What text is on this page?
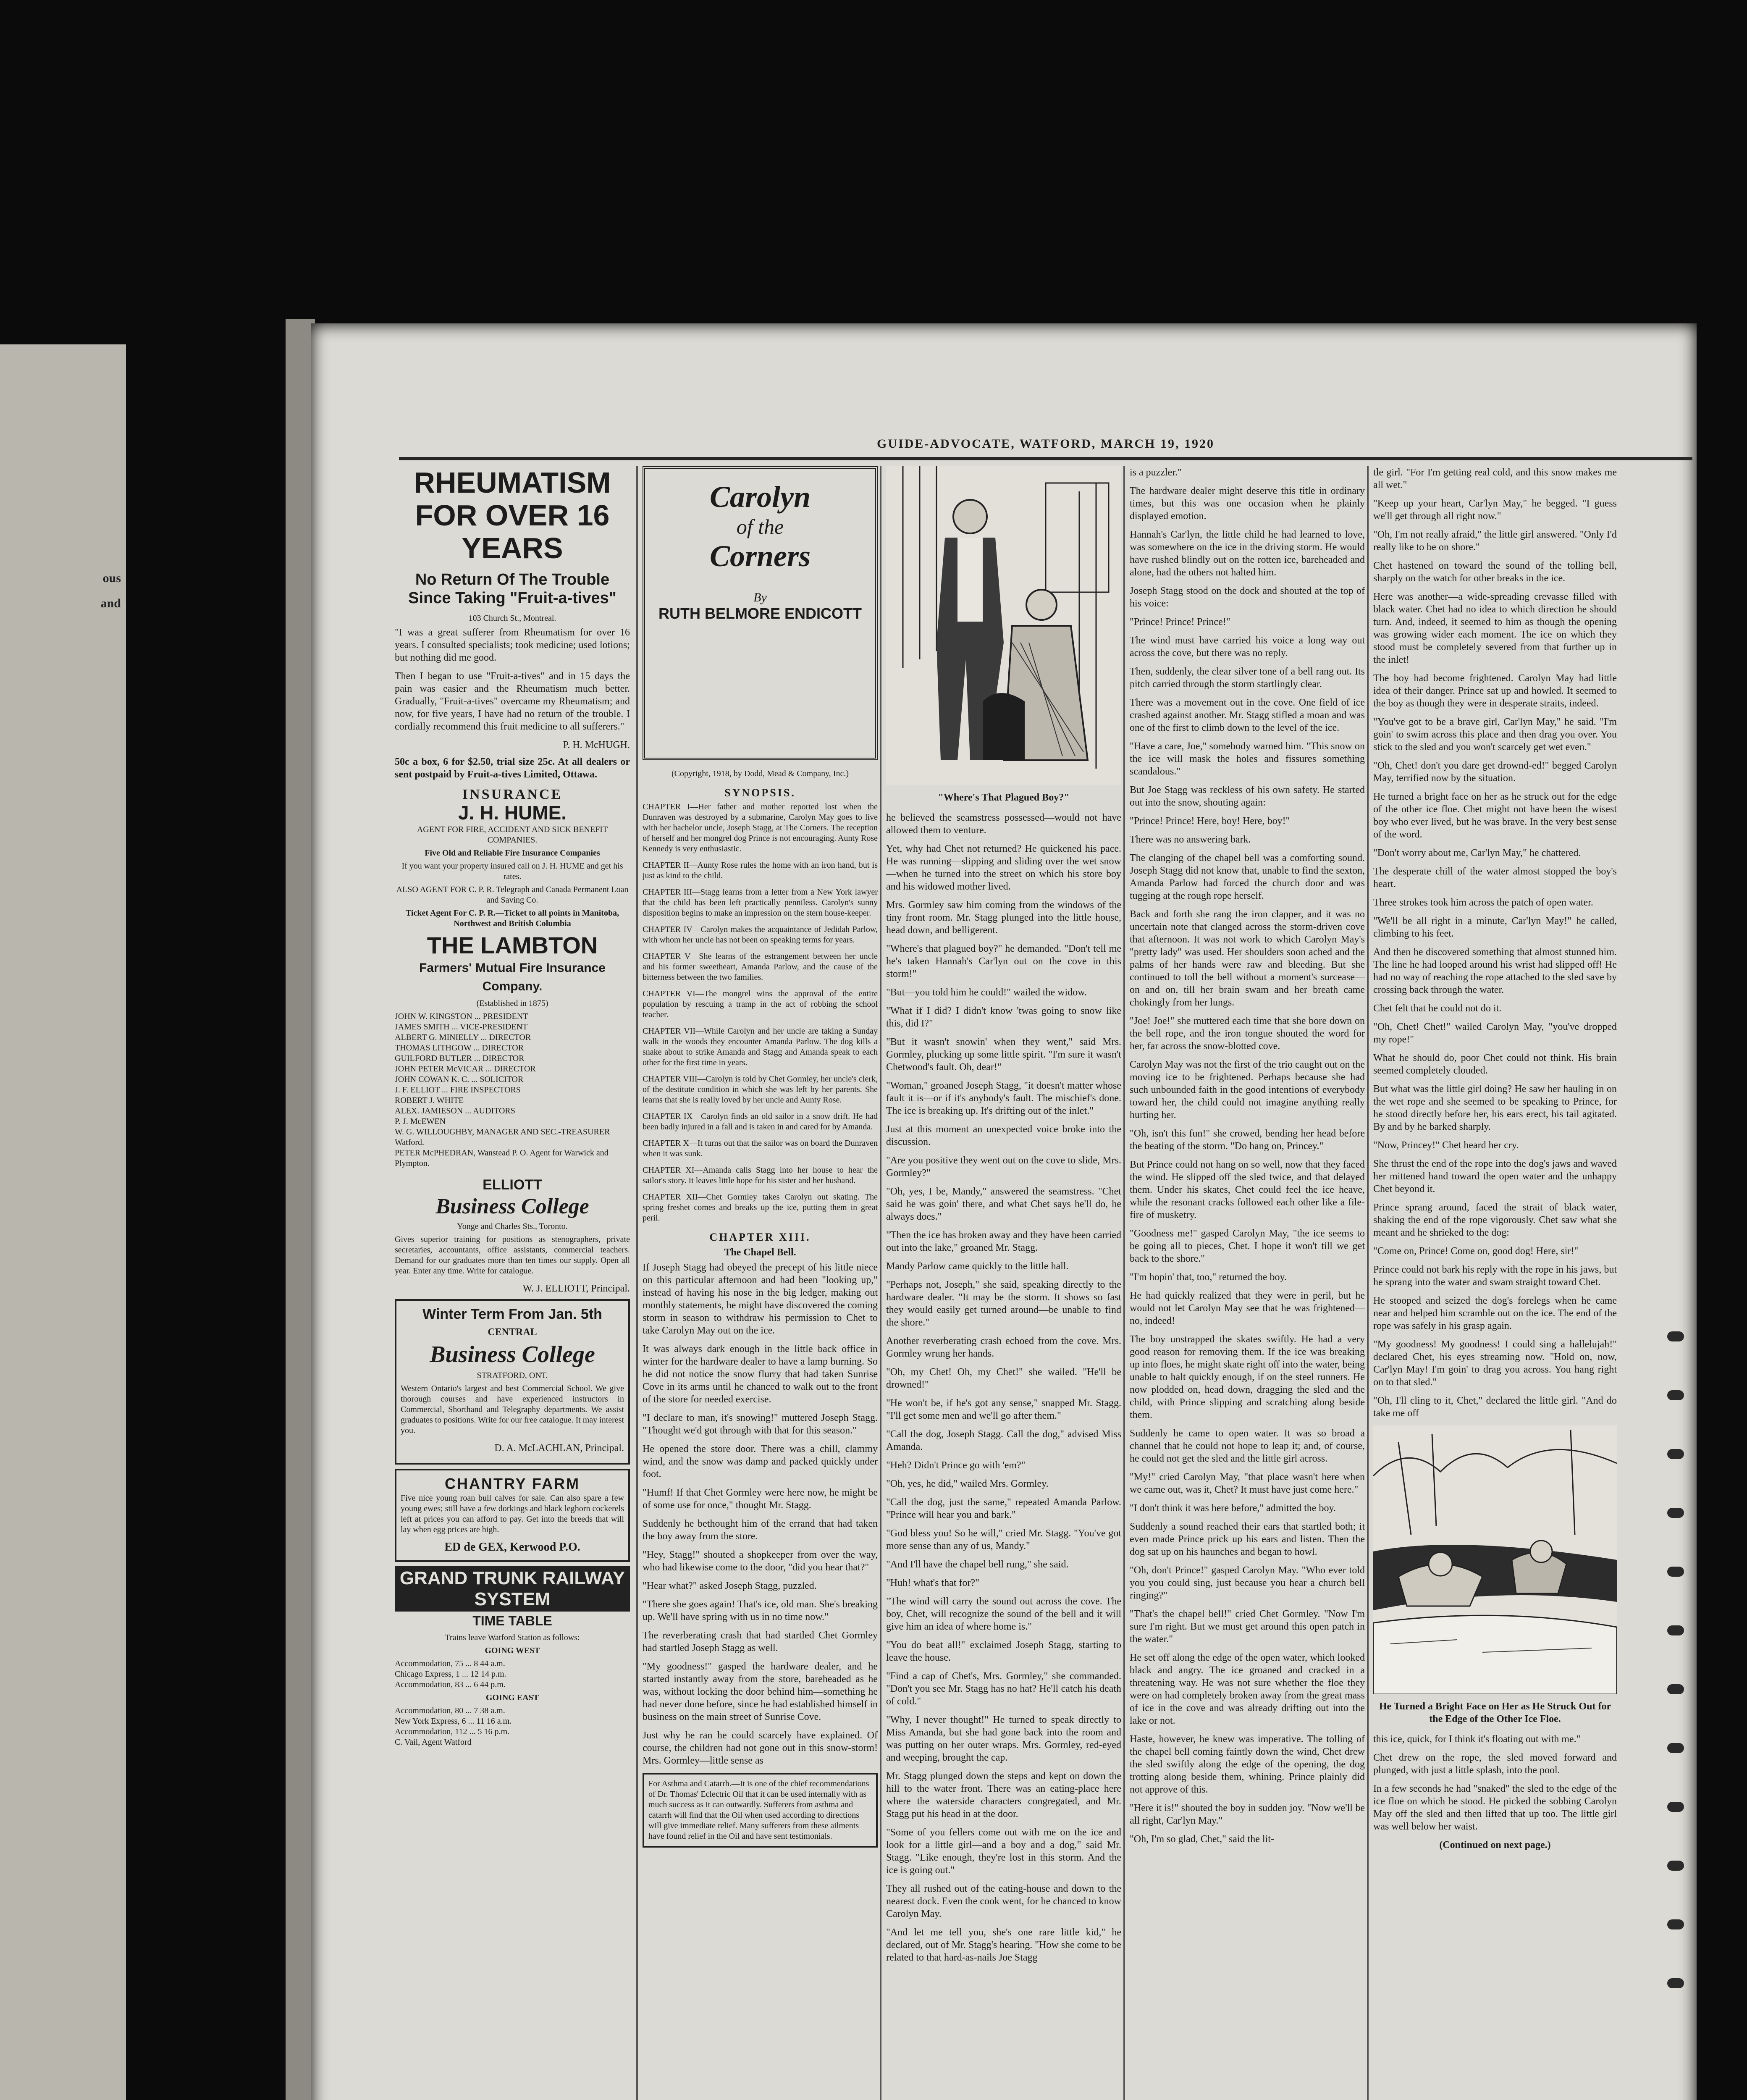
ous
and
GUIDE-ADVOCATE, WATFORD, MARCH 19, 1920
RHEUMATISM FOR OVER 16 YEARS
No Return Of The Trouble Since Taking "Fruit-a-tives"
103 Church St., Montreal.

"I was a great sufferer from Rheumatism for over 16 years. I consulted specialists; took medicine; used lotions; but nothing did me good.

Then I began to use "Fruit-a-tives" and in 15 days the pain was easier and the Rheumatism much better. Gradually, "Fruit-a-tives" overcame my Rheumatism; and now, for five years, I have had no return of the trouble. I cordially recommend this fruit medicine to all sufferers."

P. H. McHUGH.

50c a box, 6 for $2.50, trial size 25c. At all dealers or sent postpaid by Fruit-a-tives Limited, Ottawa.

INSURANCE
J. H. HUME.

AGENT FOR FIRE, ACCIDENT AND SICK BENEFIT COMPANIES.

Five Old and Reliable Fire Insurance Companies

If you want your property insured call on J. H. HUME and get his rates.

ALSO AGENT FOR C. P. R. Telegraph and Canada Permanent Loan and Saving Co.

Ticket Agent For C. P. R.—Ticket to all points in Manitoba, Northwest and British Columbia

THE LAMBTON
Farmers' Mutual Fire Insurance Company.
(Established in 1875)
JOHN W. KINGSTON ... PRESIDENT
JAMES SMITH ... VICE-PRESIDENT
ALBERT G. MINIELLY ... DIRECTOR
THOMAS LITHGOW ... DIRECTOR
GUILFORD BUTLER ... DIRECTOR
JOHN PETER McVICAR ... DIRECTOR
JOHN COWAN K. C. ... SOLICITOR
J. F. ELLIOT ... FIRE INSPECTORS
ROBERT J. WHITE
ALEX. JAMIESON ... AUDITORS
P. J. McEWEN
W. G. WILLOUGHBY, MANAGER AND SEC.-TREASURER Watford.
PETER McPHEDRAN, Wanstead P. O. Agent for Warwick and Plympton.
ELLIOTT
Business College
Yonge and Charles Sts., Toronto.

Gives superior training for positions as stenographers, private secretaries, accountants, office assistants, commercial teachers. Demand for our graduates more than ten times our supply. Open all year. Enter any time. Write for catalogue.

W. J. ELLIOTT, Principal.

Winter Term From Jan. 5th
CENTRAL
Business College
STRATFORD, ONT.

Western Ontario's largest and best Commercial School. We give thorough courses and have experienced instructors in Commercial, Shorthand and Telegraphy departments. We assist graduates to positions. Write for our free catalogue. It may interest you.

D. A. McLACHLAN, Principal.

CHANTRY FARM

Five nice young roan bull calves for sale. Can also spare a few young ewes; still have a few dorkings and black leghorn cockerels left at prices you can afford to pay. Get into the breeds that will lay when egg prices are high.

ED de GEX, Kerwood P.O.

GRAND TRUNK RAILWAY SYSTEM
TIME TABLE
Trains leave Watford Station as follows:
GOING WEST
Accommodation, 75 ... 8 44 a.m.
Chicago Express, 1 ... 12 14 p.m.
Accommodation, 83 ... 6 44 p.m.
GOING EAST
Accommodation, 80 ... 7 38 a.m.
New York Express, 6 ... 11 16 a.m.
Accommodation, 112 ... 5 16 p.m.
C. Vail, Agent Watford
Carolyn
of the
Corners
By
RUTH BELMORE ENDICOTT
(Copyright, 1918, by Dodd, Mead & Company, Inc.)
SYNOPSIS.

CHAPTER I—Her father and mother reported lost when the Dunraven was destroyed by a submarine, Carolyn May goes to live with her bachelor uncle, Joseph Stagg, at The Corners. The reception of herself and her mongrel dog Prince is not encouraging. Aunty Rose Kennedy is very enthusiastic.

CHAPTER II—Aunty Rose rules the home with an iron hand, but is just as kind to the child.

CHAPTER III—Stagg learns from a letter from a New York lawyer that the child has been left practically penniless. Carolyn's sunny disposition begins to make an impression on the stern house-keeper.

CHAPTER IV—Carolyn makes the acquaintance of Jedidah Parlow, with whom her uncle has not been on speaking terms for years.

CHAPTER V—She learns of the estrangement between her uncle and his former sweetheart, Amanda Parlow, and the cause of the bitterness between the two families.

CHAPTER VI—The mongrel wins the approval of the entire population by rescuing a tramp in the act of robbing the school teacher.

CHAPTER VII—While Carolyn and her uncle are taking a Sunday walk in the woods they encounter Amanda Parlow. The dog kills a snake about to strike Amanda and Stagg and Amanda speak to each other for the first time in years.

CHAPTER VIII—Carolyn is told by Chet Gormley, her uncle's clerk, of the destitute condition in which she was left by her parents. She learns that she is really loved by her uncle and Aunty Rose.

CHAPTER IX—Carolyn finds an old sailor in a snow drift. He had been badly injured in a fall and is taken in and cared for by Amanda.

CHAPTER X—It turns out that the sailor was on board the Dunraven when it was sunk.

CHAPTER XI—Amanda calls Stagg into her house to hear the sailor's story. It leaves little hope for his sister and her husband.

CHAPTER XII—Chet Gormley takes Carolyn out skating. The spring freshet comes and breaks up the ice, putting them in great peril.

CHAPTER XIII.
The Chapel Bell.

If Joseph Stagg had obeyed the precept of his little niece on this particular afternoon and had been "looking up," instead of having his nose in the big ledger, making out monthly statements, he might have discovered the coming storm in season to withdraw his permission to Chet to take Carolyn May out on the ice.

It was always dark enough in the little back office in winter for the hardware dealer to have a lamp burning. So he did not notice the snow flurry that had taken Sunrise Cove in its arms until he chanced to walk out to the front of the store for needed exercise.

"I declare to man, it's snowing!" muttered Joseph Stagg. "Thought we'd got through with that for this season."

He opened the store door. There was a chill, clammy wind, and the snow was damp and packed quickly under foot.

"Humf! If that Chet Gormley were here now, he might be of some use for once," thought Mr. Stagg.

Suddenly he bethought him of the errand that had taken the boy away from the store.

"Hey, Stagg!" shouted a shopkeeper from over the way, who had likewise come to the door, "did you hear that?"

"Hear what?" asked Joseph Stagg, puzzled.

"There she goes again! That's ice, old man. She's breaking up. We'll have spring with us in no time now."

The reverberating crash that had startled Chet Gormley had startled Joseph Stagg as well.

"My goodness!" gasped the hardware dealer, and he started instantly away from the store, bareheaded as he was, without locking the door behind him—something he had never done before, since he had established himself in business on the main street of Sunrise Cove.

Just why he ran he could scarcely have explained. Of course, the children had not gone out in this snow-storm! Mrs. Gormley—little sense as

For Asthma and Catarrh.—It is one of the chief recommendations of Dr. Thomas' Eclectric Oil that it can be used internally with as much success as it can outwardly. Sufferers from asthma and catarrh will find that the Oil when used according to directions will give immediate relief. Many sufferers from these ailments have found relief in the Oil and have sent testimonials.
"Where's That Plagued Boy?"

he believed the seamstress possessed—would not have allowed them to venture.

Yet, why had Chet not returned? He quickened his pace. He was running—slipping and sliding over the wet snow—when he turned into the street on which his store boy and his widowed mother lived.

Mrs. Gormley saw him coming from the windows of the tiny front room. Mr. Stagg plunged into the little house, head down, and belligerent.

"Where's that plagued boy?" he demanded. "Don't tell me he's taken Hannah's Car'lyn out on the cove in this storm!"

"But—you told him he could!" wailed the widow.

"What if I did? I didn't know 'twas going to snow like this, did I?"

"But it wasn't snowin' when they went," said Mrs. Gormley, plucking up some little spirit. "I'm sure it wasn't Chetwood's fault. Oh, dear!"

"Woman," groaned Joseph Stagg, "it doesn't matter whose fault it is—or if it's anybody's fault. The mischief's done. The ice is breaking up. It's drifting out of the inlet."

Just at this moment an unexpected voice broke into the discussion.

"Are you positive they went out on the cove to slide, Mrs. Gormley?"

"Oh, yes, I be, Mandy," answered the seamstress. "Chet said he was goin' there, and what Chet says he'll do, he always does."

"Then the ice has broken away and they have been carried out into the lake," groaned Mr. Stagg.

Mandy Parlow came quickly to the little hall.

"Perhaps not, Joseph," she said, speaking directly to the hardware dealer. "It may be the storm. It shows so fast they would easily get turned around—be unable to find the shore."

Another reverberating crash echoed from the cove. Mrs. Gormley wrung her hands.

"Oh, my Chet! Oh, my Chet!" she wailed. "He'll be drowned!"

"He won't be, if he's got any sense," snapped Mr. Stagg. "I'll get some men and we'll go after them."

"Call the dog, Joseph Stagg. Call the dog," advised Miss Amanda.

"Heh? Didn't Prince go with 'em?"

"Oh, yes, he did," wailed Mrs. Gormley.

"Call the dog, just the same," repeated Amanda Parlow. "Prince will hear you and bark."

"God bless you! So he will," cried Mr. Stagg. "You've got more sense than any of us, Mandy."

"And I'll have the chapel bell rung," she said.

"Huh! what's that for?"

"The wind will carry the sound out across the cove. The boy, Chet, will recognize the sound of the bell and it will give him an idea of where home is."

"You do beat all!" exclaimed Joseph Stagg, starting to leave the house.

"Find a cap of Chet's, Mrs. Gormley," she commanded. "Don't you see Mr. Stagg has no hat? He'll catch his death of cold."

"Why, I never thought!" He turned to speak directly to Miss Amanda, but she had gone back into the room and was putting on her outer wraps. Mrs. Gormley, red-eyed and weeping, brought the cap.

Mr. Stagg plunged down the steps and kept on down the hill to the water front. There was an eating-place here where the waterside characters congregated, and Mr. Stagg put his head in at the door.

"Some of you fellers come out with me on the ice and look for a little girl—and a boy and a dog," said Mr. Stagg. "Like enough, they're lost in this storm. And the ice is going out."

They all rushed out of the eating-house and down to the nearest dock. Even the cook went, for he chanced to know Carolyn May.

"And let me tell you, she's one rare little kid," he declared, out of Mr. Stagg's hearing. "How she come to be related to that hard-as-nails Joe Stagg

is a puzzler."

The hardware dealer might deserve this title in ordinary times, but this was one occasion when he plainly displayed emotion.

Hannah's Car'lyn, the little child he had learned to love, was somewhere on the ice in the driving storm. He would have rushed blindly out on the rotten ice, bareheaded and alone, had the others not halted him.

Joseph Stagg stood on the dock and shouted at the top of his voice:

"Prince! Prince! Prince!"

The wind must have carried his voice a long way out across the cove, but there was no reply.

Then, suddenly, the clear silver tone of a bell rang out. Its pitch carried through the storm startlingly clear.

There was a movement out in the cove. One field of ice crashed against another. Mr. Stagg stifled a moan and was one of the first to climb down to the level of the ice.

"Have a care, Joe," somebody warned him. "This snow on the ice will mask the holes and fissures something scandalous."

But Joe Stagg was reckless of his own safety. He started out into the snow, shouting again:

"Prince! Prince! Here, boy! Here, boy!"

There was no answering bark.

The clanging of the chapel bell was a comforting sound. Joseph Stagg did not know that, unable to find the sexton, Amanda Parlow had forced the church door and was tugging at the rough rope herself.

Back and forth she rang the iron clapper, and it was no uncertain note that clanged across the storm-driven cove that afternoon. It was not work to which Carolyn May's "pretty lady" was used. Her shoulders soon ached and the palms of her hands were raw and bleeding. But she continued to toll the bell without a moment's surcease—on and on, till her brain swam and her breath came chokingly from her lungs.

"Joe! Joe!" she muttered each time that she bore down on the bell rope, and the iron tongue shouted the word for her, far across the snow-blotted cove.

Carolyn May was not the first of the trio caught out on the moving ice to be frightened. Perhaps because she had such unbounded faith in the good intentions of everybody toward her, the child could not imagine anything really hurting her.

"Oh, isn't this fun!" she crowed, bending her head before the beating of the storm. "Do hang on, Princey."

But Prince could not hang on so well, now that they faced the wind. He slipped off the sled twice, and that delayed them. Under his skates, Chet could feel the ice heave, while the resonant cracks followed each other like a file-fire of musketry.

"Goodness me!" gasped Carolyn May, "the ice seems to be going all to pieces, Chet. I hope it won't till we get back to the shore."

"I'm hopin' that, too," returned the boy.

He had quickly realized that they were in peril, but he would not let Carolyn May see that he was frightened—no, indeed!

The boy unstrapped the skates swiftly. He had a very good reason for removing them. If the ice was breaking up into floes, he might skate right off into the water, being unable to halt quickly enough, if on the steel runners. He now plodded on, head down, dragging the sled and the child, with Prince slipping and scratching along beside them.

Suddenly he came to open water. It was so broad a channel that he could not hope to leap it; and, of course, he could not get the sled and the little girl across.

"My!" cried Carolyn May, "that place wasn't here when we came out, was it, Chet? It must have just come here."

"I don't think it was here before," admitted the boy.

Suddenly a sound reached their ears that startled both; it even made Prince prick up his ears and listen. Then the dog sat up on his haunches and began to howl.

"Oh, don't Prince!" gasped Carolyn May. "Who ever told you you could sing, just because you hear a church bell ringing?"

"That's the chapel bell!" cried Chet Gormley. "Now I'm sure I'm right. But we must get around this open patch in the water."

He set off along the edge of the open water, which looked black and angry. The ice groaned and cracked in a threatening way. He was not sure whether the floe they were on had completely broken away from the great mass of ice in the cove and was already drifting out into the lake or not.

Haste, however, he knew was imperative. The tolling of the chapel bell coming faintly down the wind, Chet drew the sled swiftly along the edge of the opening, the dog trotting along beside them, whining. Prince plainly did not approve of this.

"Here it is!" shouted the boy in sudden joy. "Now we'll be all right, Car'lyn May."

"Oh, I'm so glad, Chet," said the lit-

tle girl. "For I'm getting real cold, and this snow makes me all wet."

"Keep up your heart, Car'lyn May," he begged. "I guess we'll get through all right now."

"Oh, I'm not really afraid," the little girl answered. "Only I'd really like to be on shore."

Chet hastened on toward the sound of the tolling bell, sharply on the watch for other breaks in the ice.

Here was another—a wide-spreading crevasse filled with black water. Chet had no idea to which direction he should turn. And, indeed, it seemed to him as though the opening was growing wider each moment. The ice on which they stood must be completely severed from that further up in the inlet!

The boy had become frightened. Carolyn May had little idea of their danger. Prince sat up and howled. It seemed to the boy as though they were in desperate straits, indeed.

"You've got to be a brave girl, Car'lyn May," he said. "I'm goin' to swim across this place and then drag you over. You stick to the sled and you won't scarcely get wet even."

"Oh, Chet! don't you dare get drownd-ed!" begged Carolyn May, terrified now by the situation.

He turned a bright face on her as he struck out for the edge of the other ice floe. Chet might not have been the wisest boy who ever lived, but he was brave. In the very best sense of the word.

"Don't worry about me, Car'lyn May," he chattered.

The desperate chill of the water almost stopped the boy's heart.

Three strokes took him across the patch of open water.

"We'll be all right in a minute, Car'lyn May!" he called, climbing to his feet.

And then he discovered something that almost stunned him. The line he had looped around his wrist had slipped off! He had no way of reaching the rope attached to the sled save by crossing back through the water.

Chet felt that he could not do it.

"Oh, Chet! Chet!" wailed Carolyn May, "you've dropped my rope!"

What he should do, poor Chet could not think. His brain seemed completely clouded.

But what was the little girl doing? He saw her hauling in on the wet rope and she seemed to be speaking to Prince, for he stood directly before her, his ears erect, his tail agitated. By and by he barked sharply.

"Now, Princey!" Chet heard her cry.

She thrust the end of the rope into the dog's jaws and waved her mittened hand toward the open water and the unhappy Chet beyond it.

Prince sprang around, faced the strait of black water, shaking the end of the rope vigorously. Chet saw what she meant and he shrieked to the dog:

"Come on, Prince! Come on, good dog! Here, sir!"

Prince could not bark his reply with the rope in his jaws, but he sprang into the water and swam straight toward Chet.

He stooped and seized the dog's forelegs when he came near and helped him scramble out on the ice. The end of the rope was safely in his grasp again.

"My goodness! My goodness! I could sing a hallelujah!" declared Chet, his eyes streaming now. "Hold on, now, Car'lyn May! I'm goin' to drag you across. You hang right on to that sled."

"Oh, I'll cling to it, Chet," declared the little girl. "And do take me off

He Turned a Bright Face on Her as He Struck Out for the Edge of the Other Ice Floe.

this ice, quick, for I think it's floating out with me."

Chet drew on the rope, the sled moved forward and plunged, with just a little splash, into the pool.

In a few seconds he had "snaked" the sled to the edge of the ice floe on which he stood. He picked the sobbing Carolyn May off the sled and then lifted that up too. The little girl was well below her waist.

(Continued on next page.)
